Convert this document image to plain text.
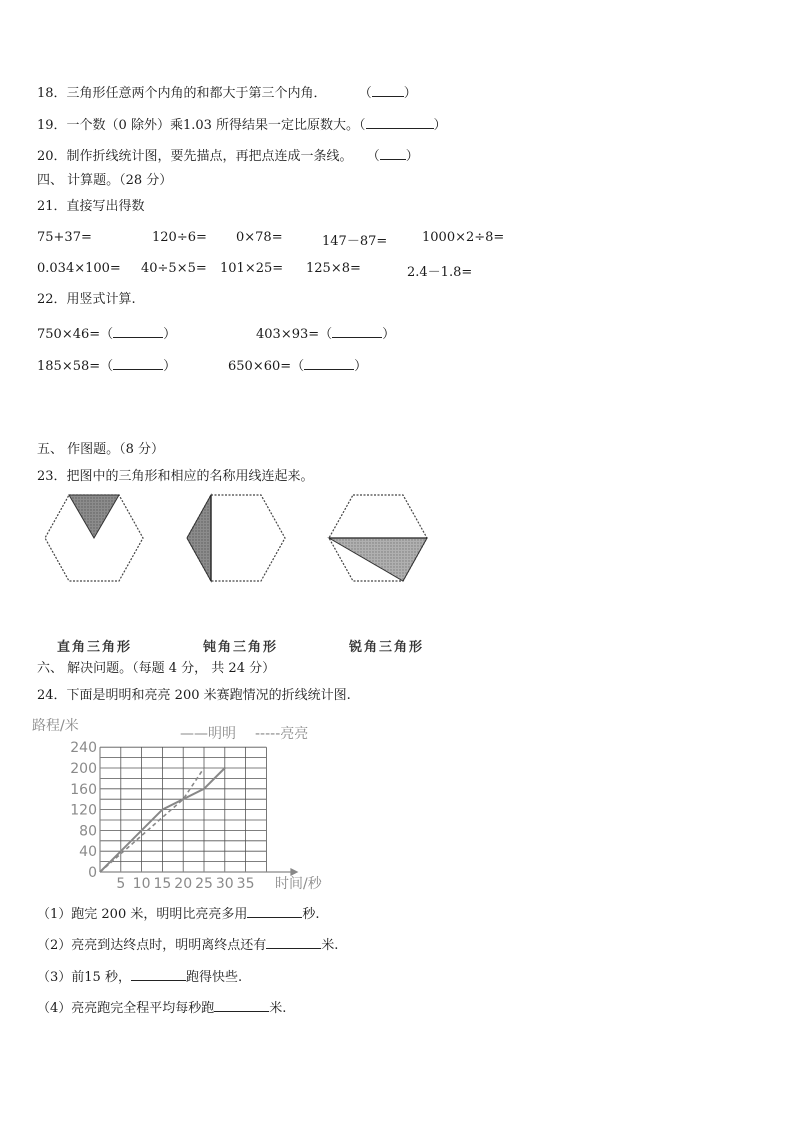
18．三角形任意两个内角的和都大于第三个内角． （ ）
19．一个数（0 除外）乘1.03 所得结果一定比原数大。（	）
20．制作折线统计图，要先描点，再把点连成一条线。 （ ）
四、 计算题。（28 分）
21．直接写出得数
75+37=	120÷6= 0×78=	147－87=	1000×2÷8=
0.034×100= 40÷5×5= 101×25= 125×8=	2.4－1.8=
22．用竖式计算.
750×46=（	）	403×93=（	）
185×58=（	）	650×60=（	）
五、 作图题。（8 分）
23．把图中的三角形和相应的名称用线连起来。
直角三角形	钝角三角形	锐角三角形
六、 解决问题。（每题 4 分， 共 24 分）
24．下面是明明和亮亮 200 米赛跑情况的折线统计图.
0
40
80
120
160
200
240
5 10 15 20 25 30 35
路程/米
时间/秒
——明明 -----亮亮
（1）跑完 200 米，明明比亮亮多用	秒.
（2）亮亮到达终点时，明明离终点还有	米.
（3）前15 秒，	跑得快些.
（4）亮亮跑完全程平均每秒跑	米.
